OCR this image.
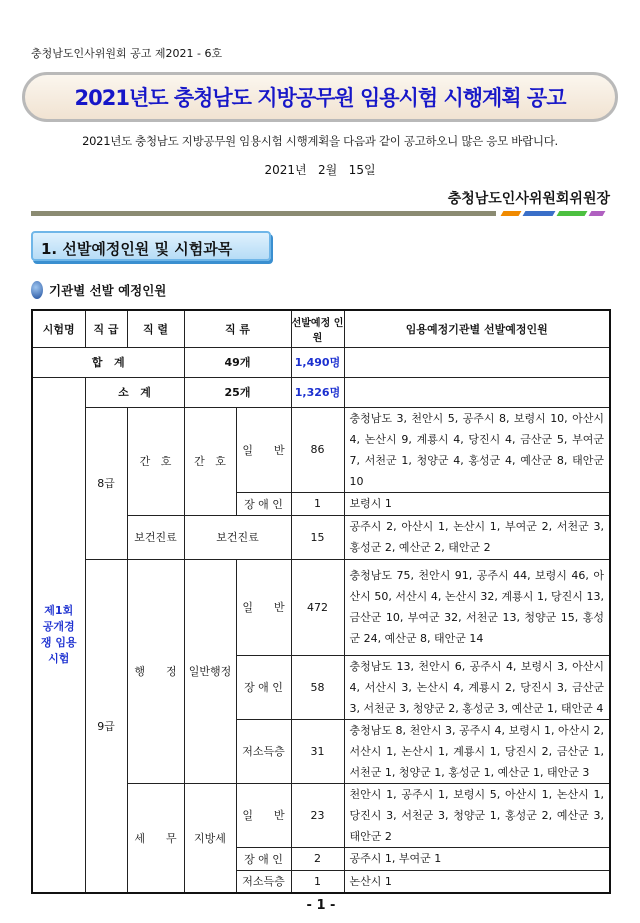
충청남도인사위원회 공고 제2021 - 6호
2021년도 충청남도 지방공무원 임용시험 시행계획 공고
2021년도 충청남도 지방공무원 임용시험 시행계획을 다음과 같이 공고하오니 많은 응모 바랍니다.
2021년   2월   15일
충청남도인사위원회위원장
1. 선발예정인원 및 시험과목
기관별 선발 예정인원
시험명	직 급	직 렬	직 류		선발예정 인 원	임용예정기관별 선발예정인원
합   계			49개		1,490명	
제1회 공개경쟁 임용시험	소   계		25개		1,326명	
	8급	간   호	간   호	일      반	86	충청남도 3, 천안시 5, 공주시 8, 보령시 10, 아산시 4, 논산시 9, 계룡시 4, 당진시 4, 금산군 5, 부여군 7, 서천군 1, 청양군 4, 홍성군 4, 예산군 8, 태안군 10
				장 애 인	1	보령시 1
		보건진료	보건진료		15	공주시 2, 아산시 1, 논산시 1, 부여군 2, 서천군 3, 홍성군 2, 예산군 2, 태안군 2
	9급	행      정	일반행정	일      반	472	충청남도 75, 천안시 91, 공주시 44, 보령시 46, 아산시 50, 서산시 4, 논산시 32, 계룡시 1, 당진시 13, 금산군 10, 부여군 32, 서천군 13, 청양군 15, 홍성군 24, 예산군 8, 태안군 14
				장 애 인	58	충청남도 13, 천안시 6, 공주시 4, 보령시 3, 아산시 4, 서산시 3, 논산시 4, 계룡시 2, 당진시 3, 금산군 3, 서천군 3, 청양군 2, 홍성군 3, 예산군 1, 태안군 4
				저소득층	31	충청남도 8, 천안시 3, 공주시 4, 보령시 1, 아산시 2, 서산시 1, 논산시 1, 계룡시 1, 당진시 2, 금산군 1, 서천군 1, 청양군 1, 홍성군 1, 예산군 1, 태안군 3
		세      무	지방세	일      반	23	천안시 1, 공주시 1, 보령시 5, 아산시 1, 논산시 1, 당진시 3, 서천군 3, 청양군 1, 홍성군 2, 예산군 3, 태안군 2
				장 애 인	2	공주시 1, 부여군 1
				저소득층	1	논산시 1
- 1 -
